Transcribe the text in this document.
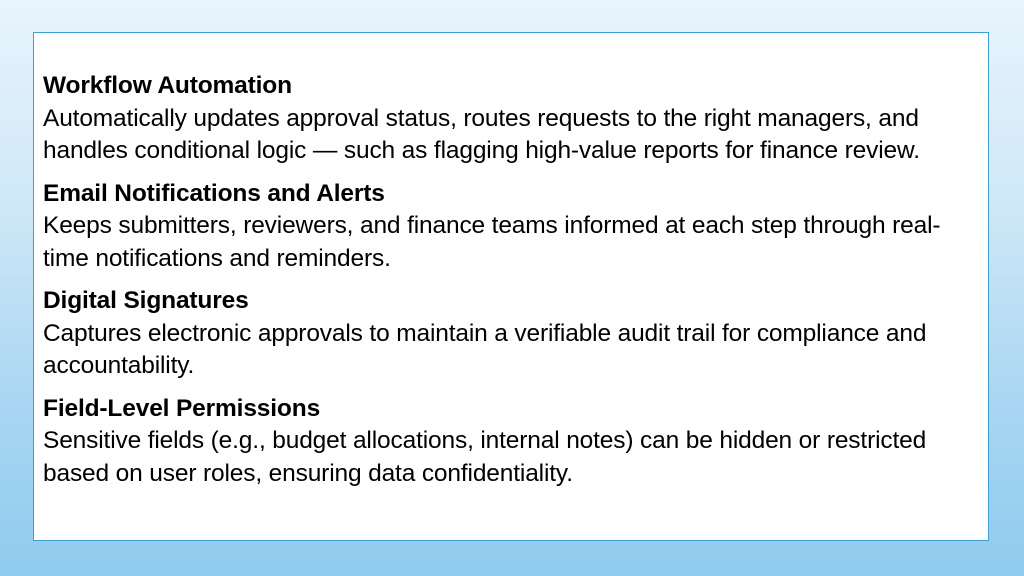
Workflow Automation
Automatically updates approval status, routes requests to the right managers, and handles conditional logic — such as flagging high-value reports for finance review.
Email Notifications and Alerts
Keeps submitters, reviewers, and finance teams informed at each step through real-time notifications and reminders.
Digital Signatures
Captures electronic approvals to maintain a verifiable audit trail for compliance and accountability.
Field-Level Permissions
Sensitive fields (e.g., budget allocations, internal notes) can be hidden or restricted based on user roles, ensuring data confidentiality.
